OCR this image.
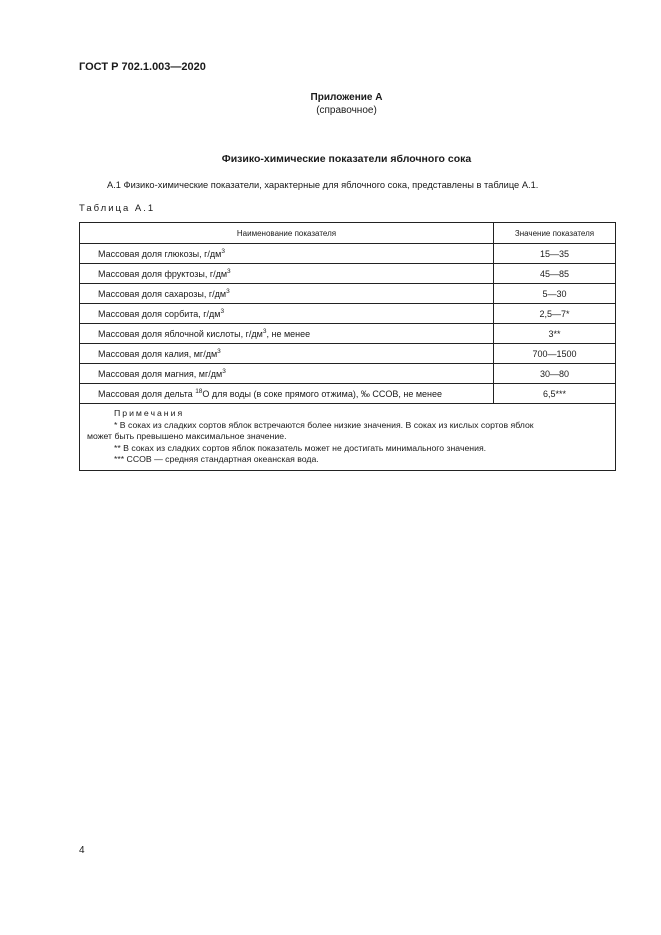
ГОСТ Р 702.1.003—2020
Приложение А
(справочное)
Физико-химические показатели яблочного сока
А.1 Физико-химические показатели, характерные для яблочного сока, представлены в таблице А.1.
Таблица А.1
Наименование показателя	Значение показателя
Массовая доля глюкозы, $г/дм^3$	15—35
Массовая доля фруктозы, $г/дм^3$	45—85
Массовая доля сахарозы, $г/дм^3$	5—30
Массовая доля сорбита, $г/дм^3$	2,5—7*
Массовая доля яблочной кислоты, $г/дм^3$, не менее	3**
Массовая доля калия, $мг/дм^3$	700—1500
Массовая доля магния, $мг/дм^3$	30—80
Массовая доля дельта $^{18}$O для воды (в соке прямого отжима), ‰ CCOB, не менее	6,5***

Примечания
* В соках из сладких сортов яблок встречаются более низкие значения. В соках из кислых сортов яблок
может быть превышено максимальное значение.
** В соках из сладких сортов яблок показатель может не достигать минимального значения.
*** CCOB — средняя стандартная океанская вода.	
4
